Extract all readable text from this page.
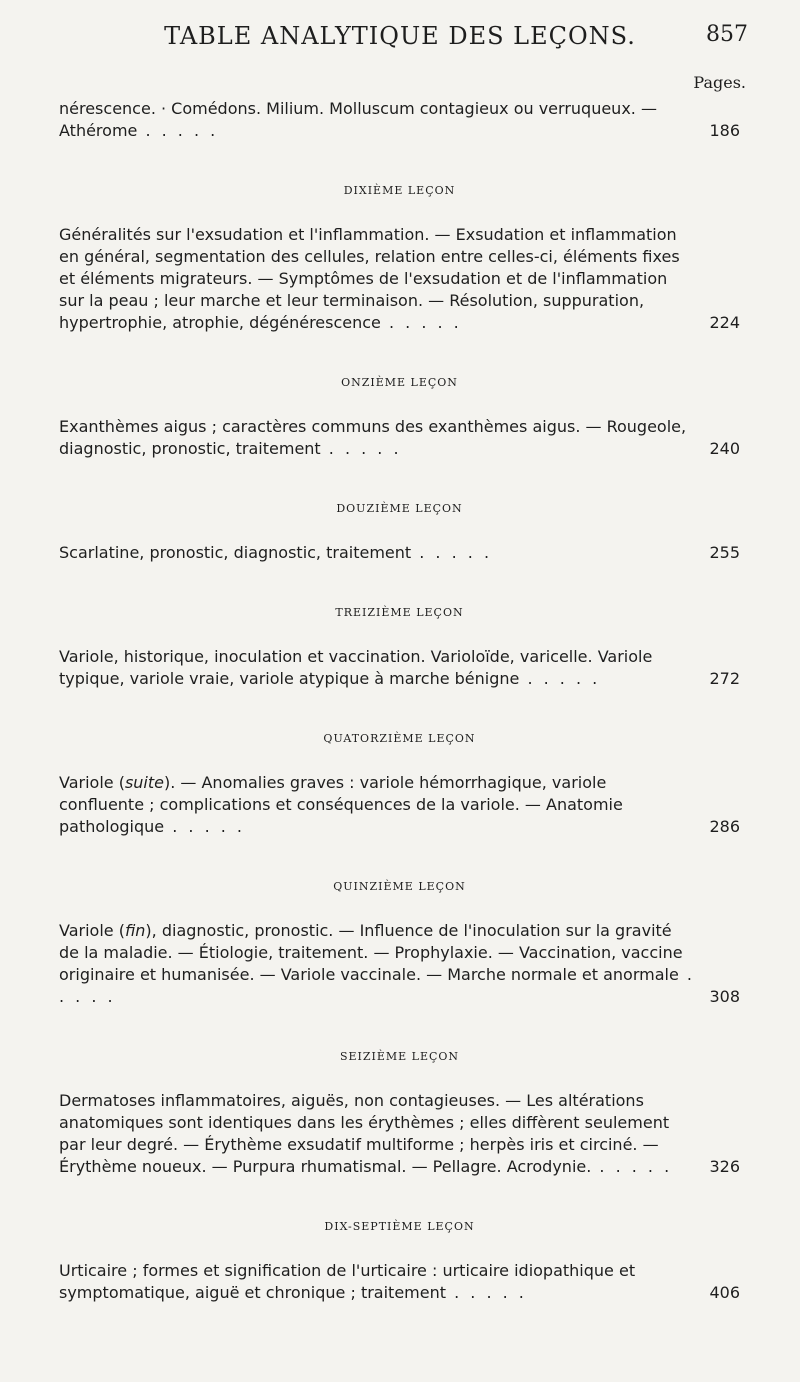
TABLE ANALYTIQUE DES LEÇONS.	857
Pages.
nérescence. · Comédons. Milium. Molluscum contagieux ou verruqueux. — Athérome . . . . .	186
DIXIÈME LEÇON
Généralités sur l'exsudation et l'inflammation. — Exsudation et inflammation en général, segmentation des cellules, relation entre celles-ci, éléments fixes et éléments migrateurs. — Symptômes de l'exsudation et de l'inflammation sur la peau ; leur marche et leur terminaison. — Résolution, suppuration, hypertrophie, atrophie, dégénérescence . . . . .	224
ONZIÈME LEÇON
Exanthèmes aigus ; caractères communs des exanthèmes aigus. — Rougeole, diagnostic, pronostic, traitement . . . . .	240
DOUZIÈME LEÇON
Scarlatine, pronostic, diagnostic, traitement . . . . .	255
TREIZIÈME LEÇON
Variole, historique, inoculation et vaccination. Varioloïde, varicelle. Variole typique, variole vraie, variole atypique à marche bénigne . . . . .	272
QUATORZIÈME LEÇON
Variole (suite). — Anomalies graves : variole hémorrhagique, variole confluente ; complications et conséquences de la variole. — Anatomie pathologique . . . . .	286
QUINZIÈME LEÇON
Variole (fin), diagnostic, pronostic. — Influence de l'inoculation sur la gravité de la maladie. — Étiologie, traitement. — Prophylaxie. — Vaccination, vaccine originaire et humanisée. — Variole vaccinale. — Marche normale et anormale . . . . .	308
SEIZIÈME LEÇON
Dermatoses inflammatoires, aiguës, non contagieuses. — Les altérations anatomiques sont identiques dans les érythèmes ; elles diffèrent seulement par leur degré. — Érythème exsudatif multiforme ; herpès iris et circiné. — Érythème noueux. — Purpura rhumatismal. — Pellagre. Acrodynie. . . . . . 326
DIX-SEPTIÈME LEÇON
Urticaire ; formes et signification de l'urticaire : urticaire idiopathique et symptomatique, aiguë et chronique ; traitement . . . . .	406
